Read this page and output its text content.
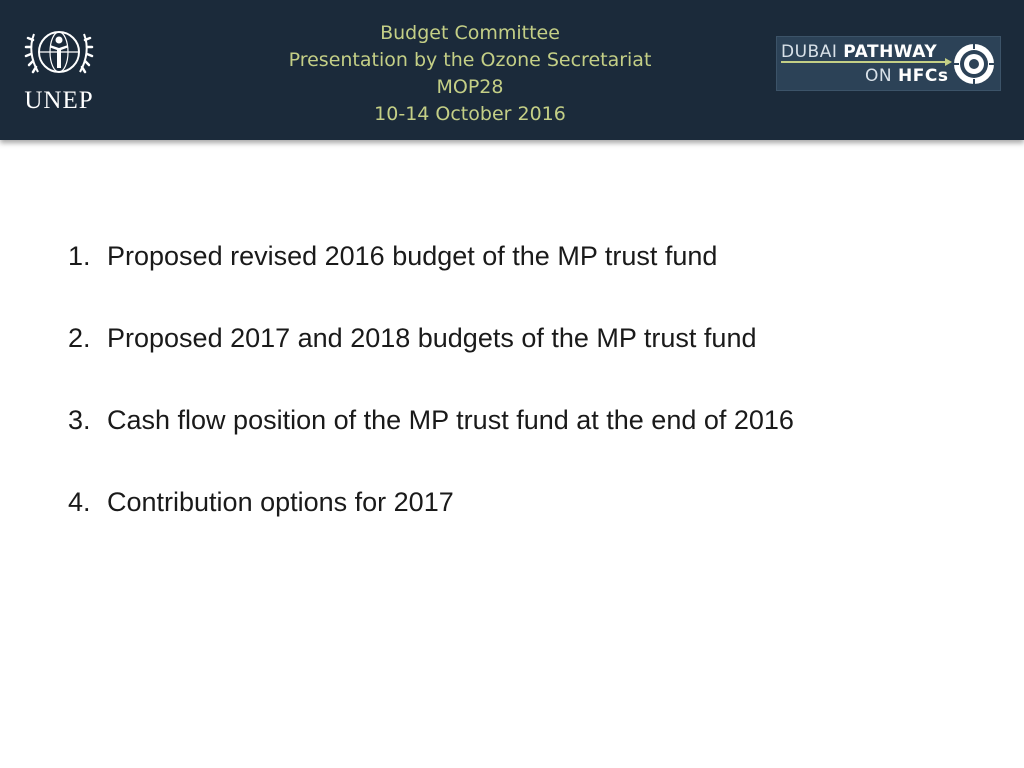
UNEP
Budget Committee
Presentation by the Ozone Secretariat
MOP28
10-14 October 2016
DUBAI PATHWAY
ON HFCs
1. Proposed revised 2016 budget of the MP trust fund
2. Proposed 2017 and 2018 budgets of the MP trust fund
3. Cash flow position of the MP trust fund at the end of 2016
4. Contribution options for 2017
